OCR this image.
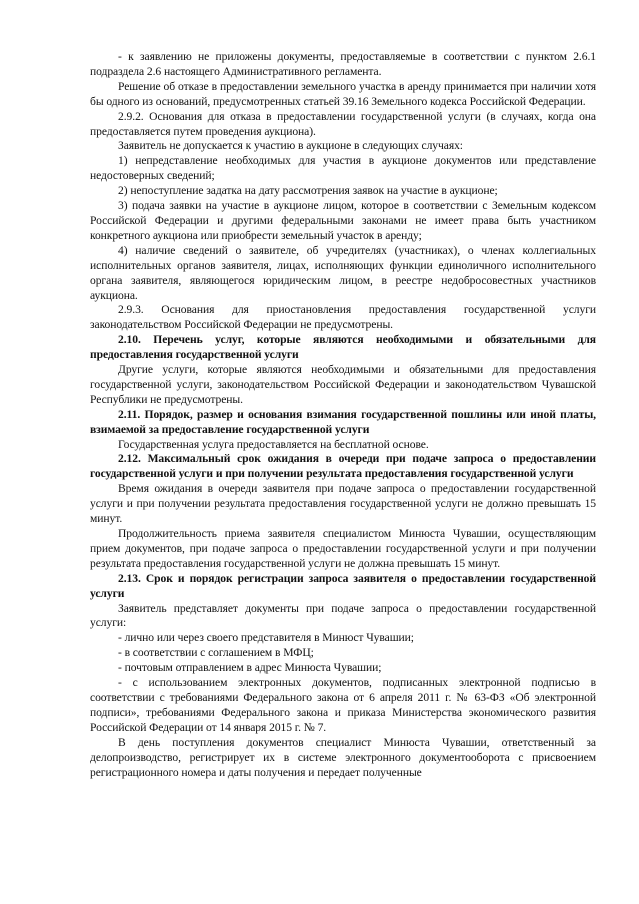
- к заявлению не приложены документы, предоставляемые в соответствии с пунктом 2.6.1 подраздела 2.6 настоящего Административного регламента.

Решение об отказе в предоставлении земельного участка в аренду принимается при наличии хотя бы одного из оснований, предусмотренных статьей 39.16 Земельного кодекса Российской Федерации.

2.9.2. Основания для отказа в предоставлении государственной услуги (в случаях, когда она предоставляется путем проведения аукциона).

Заявитель не допускается к участию в аукционе в следующих случаях:

1) непредставление необходимых для участия в аукционе документов или представление недостоверных сведений;

2) непоступление задатка на дату рассмотрения заявок на участие в аукционе;

3) подача заявки на участие в аукционе лицом, которое в соответствии с Земельным кодексом Российской Федерации и другими федеральными законами не имеет права быть участником конкретного аукциона или приобрести земельный участок в аренду;

4) наличие сведений о заявителе, об учредителях (участниках), о членах коллегиальных исполнительных органов заявителя, лицах, исполняющих функции единоличного исполнительного органа заявителя, являющегося юридическим лицом, в реестре недобросовестных участников аукциона.

2.9.3. Основания для приостановления предоставления государственной услуги законодательством Российской Федерации не предусмотрены.

2.10. Перечень услуг, которые являются необходимыми и обязательными для предоставления государственной услуги

Другие услуги, которые являются необходимыми и обязательными для предоставления государственной услуги, законодательством Российской Федерации и законодательством Чувашской Республики не предусмотрены.

2.11. Порядок, размер и основания взимания государственной пошлины или иной платы, взимаемой за предоставление государственной услуги

Государственная услуга предоставляется на бесплатной основе.

2.12. Максимальный срок ожидания в очереди при подаче запроса о предоставлении государственной услуги и при получении результата предоставления государственной услуги

Время ожидания в очереди заявителя при подаче запроса о предоставлении государственной услуги и при получении результата предоставления государственной услуги не должно превышать 15 минут.

Продолжительность приема заявителя специалистом Минюста Чувашии, осуществляющим прием документов, при подаче запроса о предоставлении государственной услуги и при получении результата предоставления государственной услуги не должна превышать 15 минут.

2.13. Срок и порядок регистрации запроса заявителя о предоставлении государственной услуги

Заявитель представляет документы при подаче запроса о предоставлении государственной услуги:

- лично или через своего представителя в Минюст Чувашии;

- в соответствии с соглашением в МФЦ;

- почтовым отправлением в адрес Минюста Чувашии;

- с использованием электронных документов, подписанных электронной подписью в соответствии с требованиями Федерального закона от 6 апреля 2011 г. № 63-ФЗ «Об электронной подписи», требованиями Федерального закона и приказа Министерства экономического развития Российской Федерации от 14 января 2015 г. № 7.

В день поступления документов специалист Минюста Чувашии, ответственный за делопроизводство, регистрирует их в системе электронного документооборота с присвоением регистрационного номера и даты получения и передает полученные
